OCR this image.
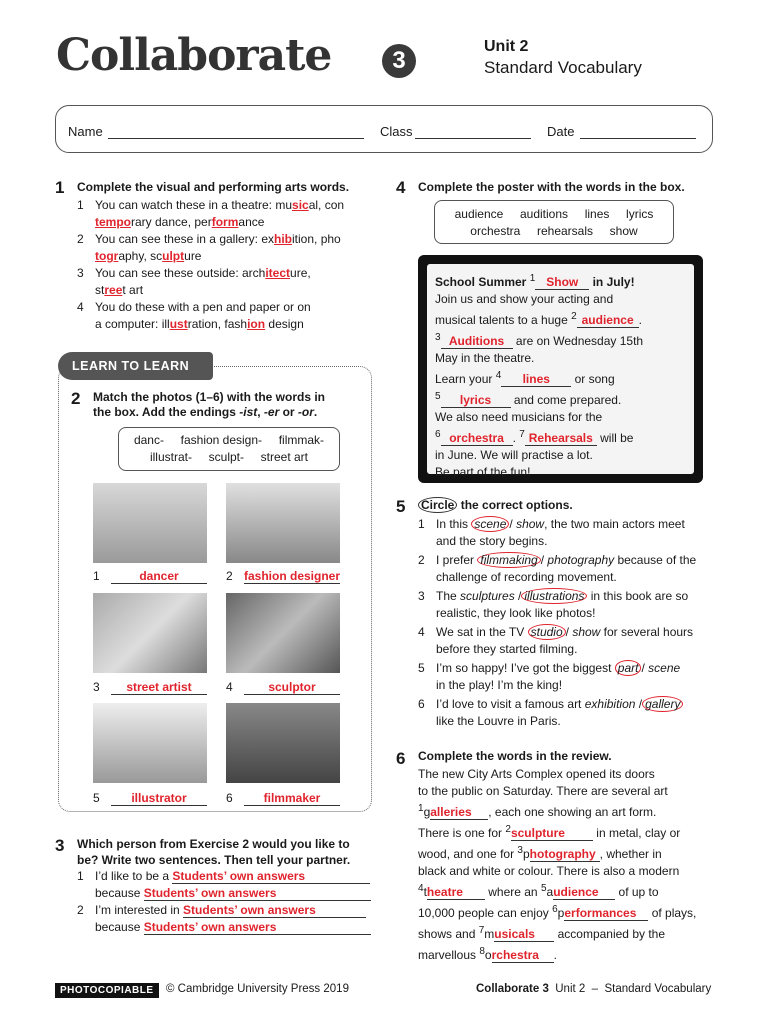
Collaborate	3
Unit 2
Standard Vocabulary
Name	Class	Date
1 Complete the visual and performing arts words.
1 You can watch these in a theatre: musical, con
temporary dance, performance
2 You can see these in a gallery: exhibition, pho
tography, sculpture
3 You can see these outside: architecture,
street art
4 You do these with a pen and paper or on
a computer: illustration, fashion design
LEARN TO LEARN
2 Match the photos (1–6) with the words in
the box. Add the endings -ist, -er or -or.
danc-     fashion design-     filmmak-
illustrat-     sculpt-     street art
1	dancer	2 fashion designer
3 street artist	4	sculptor
5	illustrator	6	filmmaker
3 Which person from Exercise 2 would you like to
be? Write two sentences. Then tell your partner.
1 I’d like to be a Students’ own answers
because Students’ own answers
2 I’m interested in Students’ own answers
because Students’ own answers
4 Complete the poster with the words in the box.
audience     auditions     lines     lyrics
orchestra     rehearsals     show
School Summer $^1$ Show in July!
Join us and show your acting and
musical talents to a huge $^2$ audience .
$^3$ Auditions are on Wednesday 15th
May in the theatre.
Learn your $^4$ lines or song
$^5$ lyrics and come prepared.
We also need musicians for the
$^6$ orchestra . $^7$ Rehearsals will be
in June. We will practise a lot.
Be part of the fun!
5 Circle the correct options.
1 In this scene / show, the two main actors meet
and the story begins.
2 I prefer filmmaking / photography because of the
challenge of recording movement.
3 The sculptures / illustrations in this book are so
realistic, they look like photos!
4 We sat in the TV studio / show for several hours
before they started filming.
5 I’m so happy! I’ve got the biggest part / scene
in the play! I’m the king!
6 I’d love to visit a famous art exhibition / gallery
like the Louvre in Paris.
6 Complete the words in the review.
The new City Arts Complex opened its doors
to the public on Saturday. There are several art
$^1$galleries , each one showing an art form.
There is one for $^2$sculpture in metal, clay or
wood, and one for $^3$photography , whether in
black and white or colour. There is also a modern
$^4$theatre where an $^5$audience of up to
10,000 people can enjoy $^6$performances of plays,
shows and $^7$musicals accompanied by the
marvellous $^8$orchestra .
PHOTOCOPIABLE	© Cambridge University Press 2019	Collaborate 3  Unit 2  –  Standard Vocabulary
